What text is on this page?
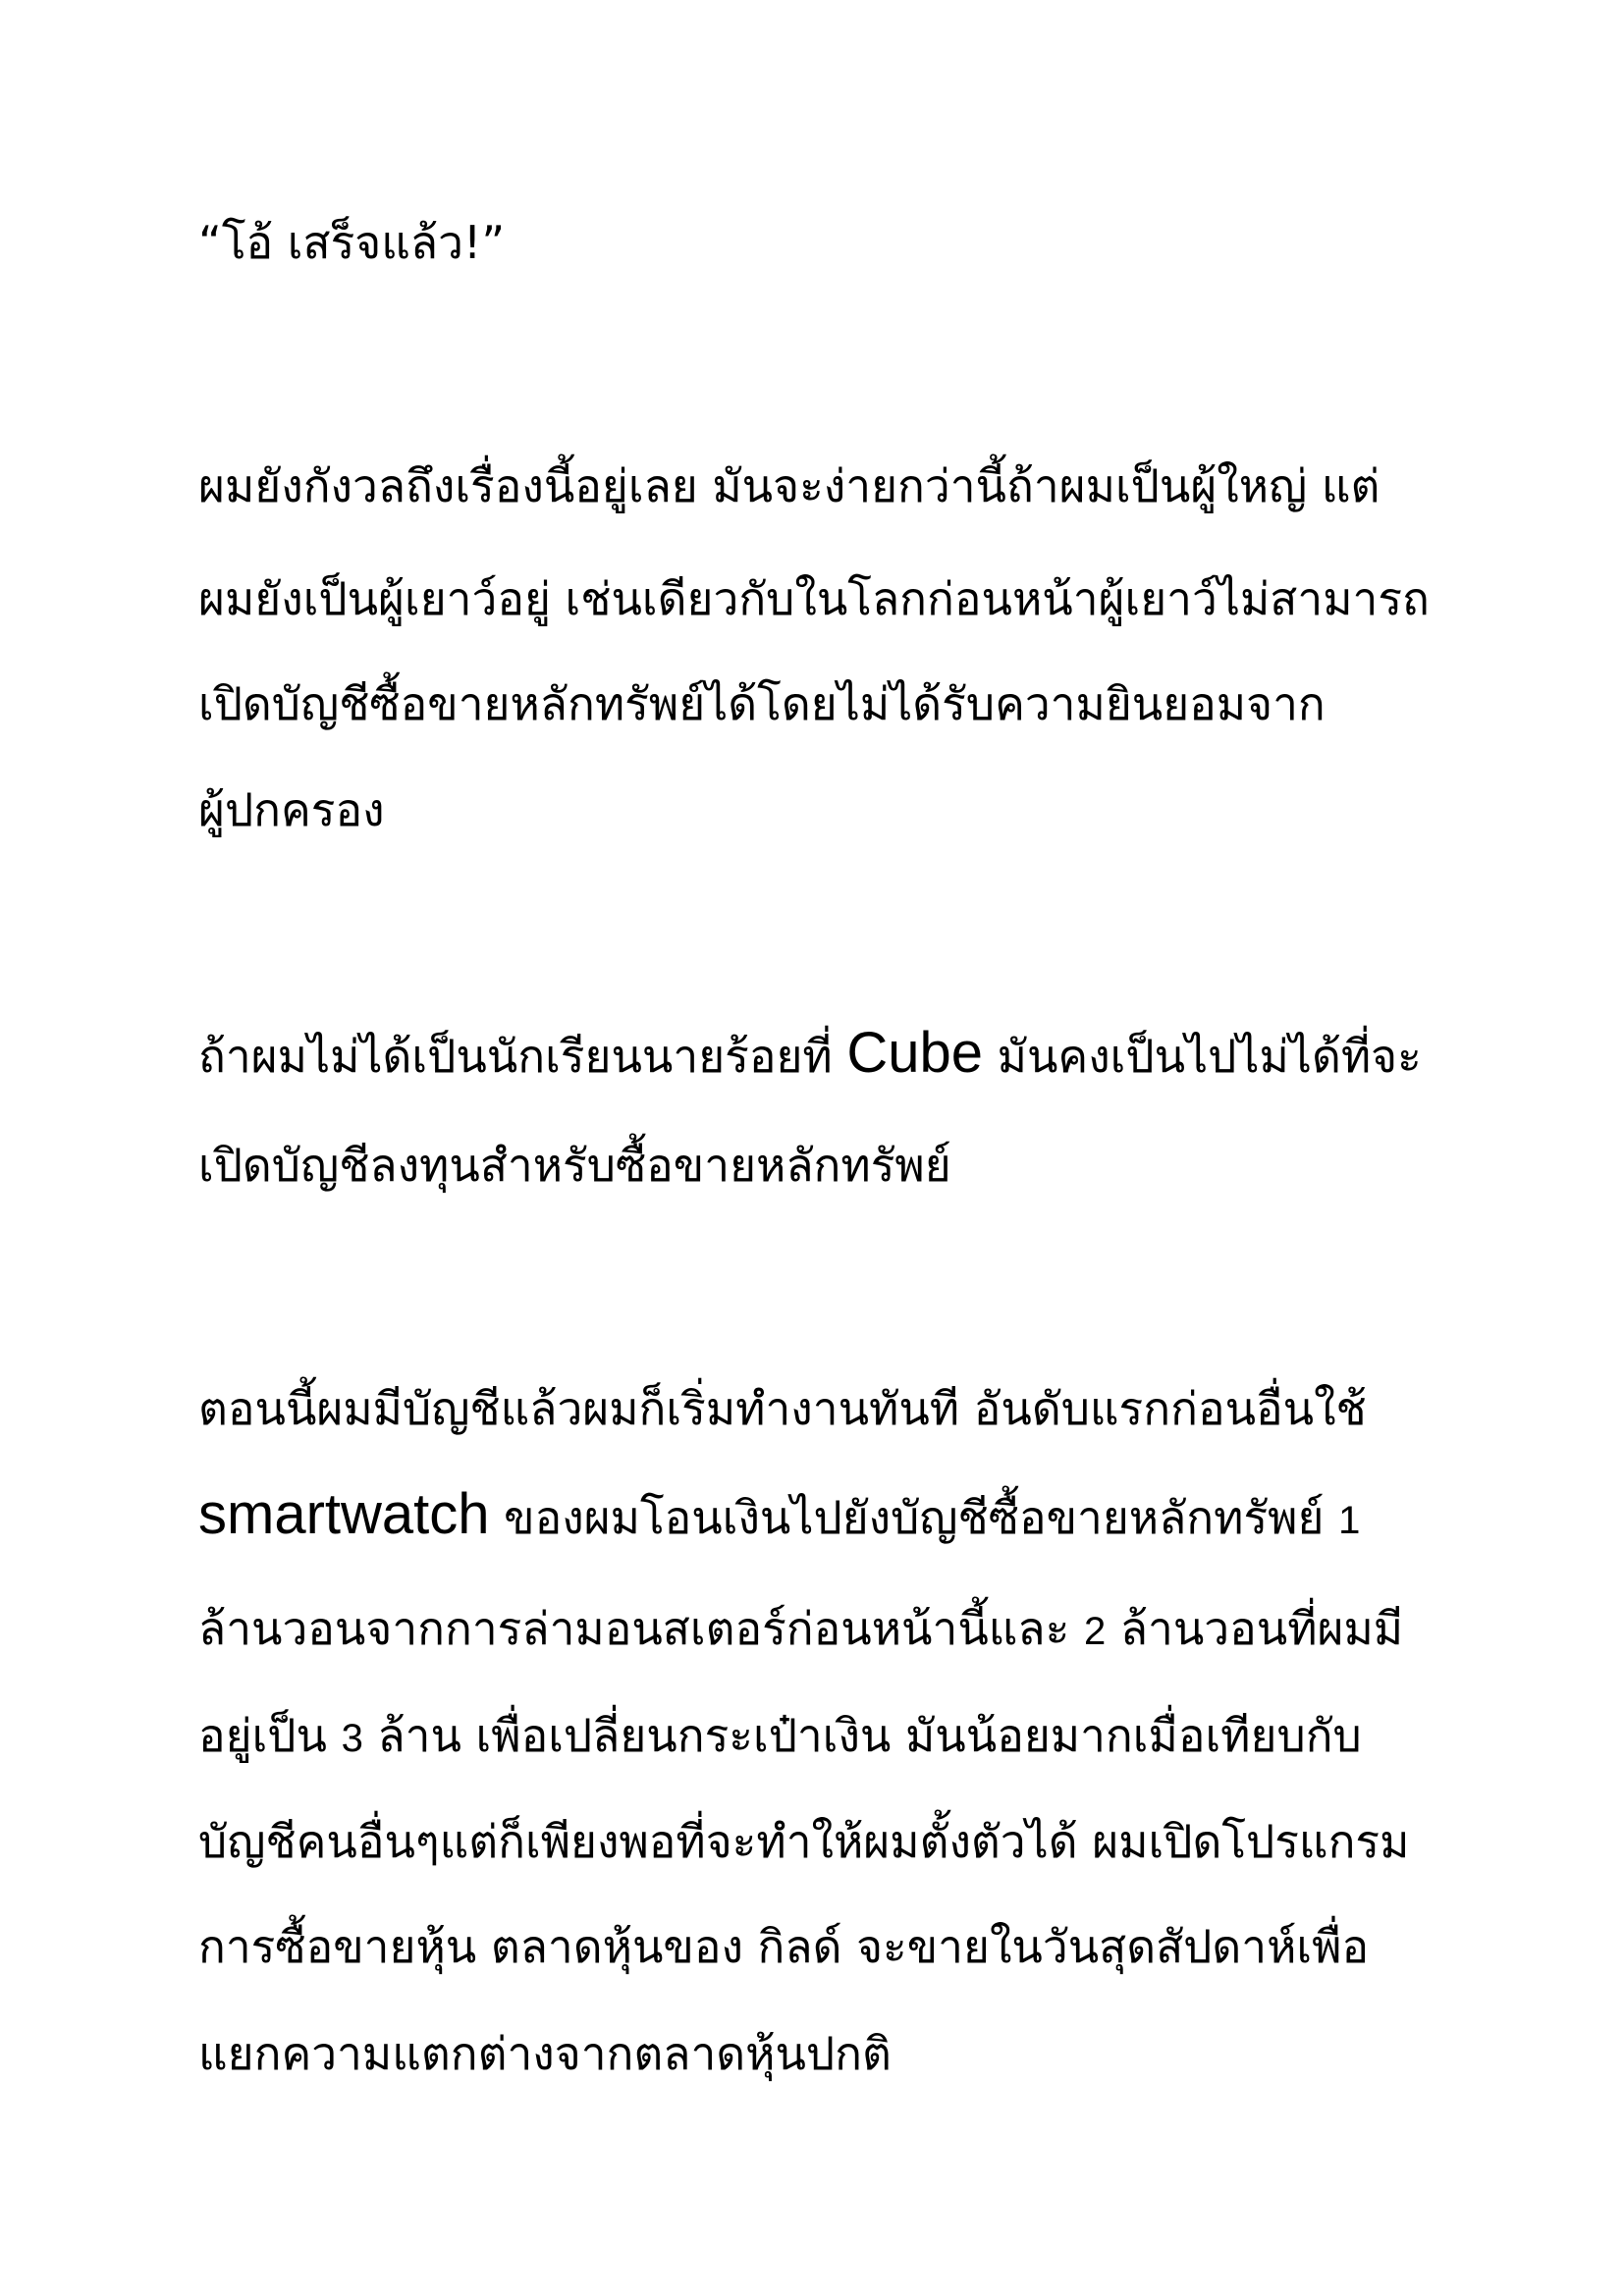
“โอ้ เสร็จแล้ว!”
ผมยังกังวลถึงเรื่องนี้อยู่เลย มันจะง่ายกว่านี้ถ้าผมเป็นผู้ใหญ่ แต่
ผมยังเป็นผู้เยาว์อยู่ เช่นเดียวกับในโลกก่อนหน้าผู้เยาว์ไม่สามารถ
เปิดบัญชีซื้อขายหลักทรัพย์ได้โดยไม่ได้รับความยินยอมจาก
ผู้ปกครอง
ถ้าผมไม่ได้เป็นนักเรียนนายร้อยที่ Cube มันคงเป็นไปไม่ได้ที่จะ
เปิดบัญชีลงทุนสำหรับซื้อขายหลักทรัพย์
ตอนนี้ผมมีบัญชีแล้วผมก็เริ่มทำงานทันที อันดับแรกก่อนอื่นใช้
smartwatch ของผมโอนเงินไปยังบัญชีซื้อขายหลักทรัพย์ 1
ล้านวอนจากการล่ามอนสเตอร์ก่อนหน้านี้และ 2 ล้านวอนที่ผมมี
อยู่เป็น 3 ล้าน เพื่อเปลี่ยนกระเป๋าเงิน มันน้อยมากเมื่อเทียบกับ
บัญชีคนอื่นๆแต่ก็เพียงพอที่จะทำให้ผมตั้งตัวได้ ผมเปิดโปรแกรม
การซื้อขายหุ้น ตลาดหุ้นของ กิลด์ จะขายในวันสุดสัปดาห์เพื่อ
แยกความแตกต่างจากตลาดหุ้นปกติ
